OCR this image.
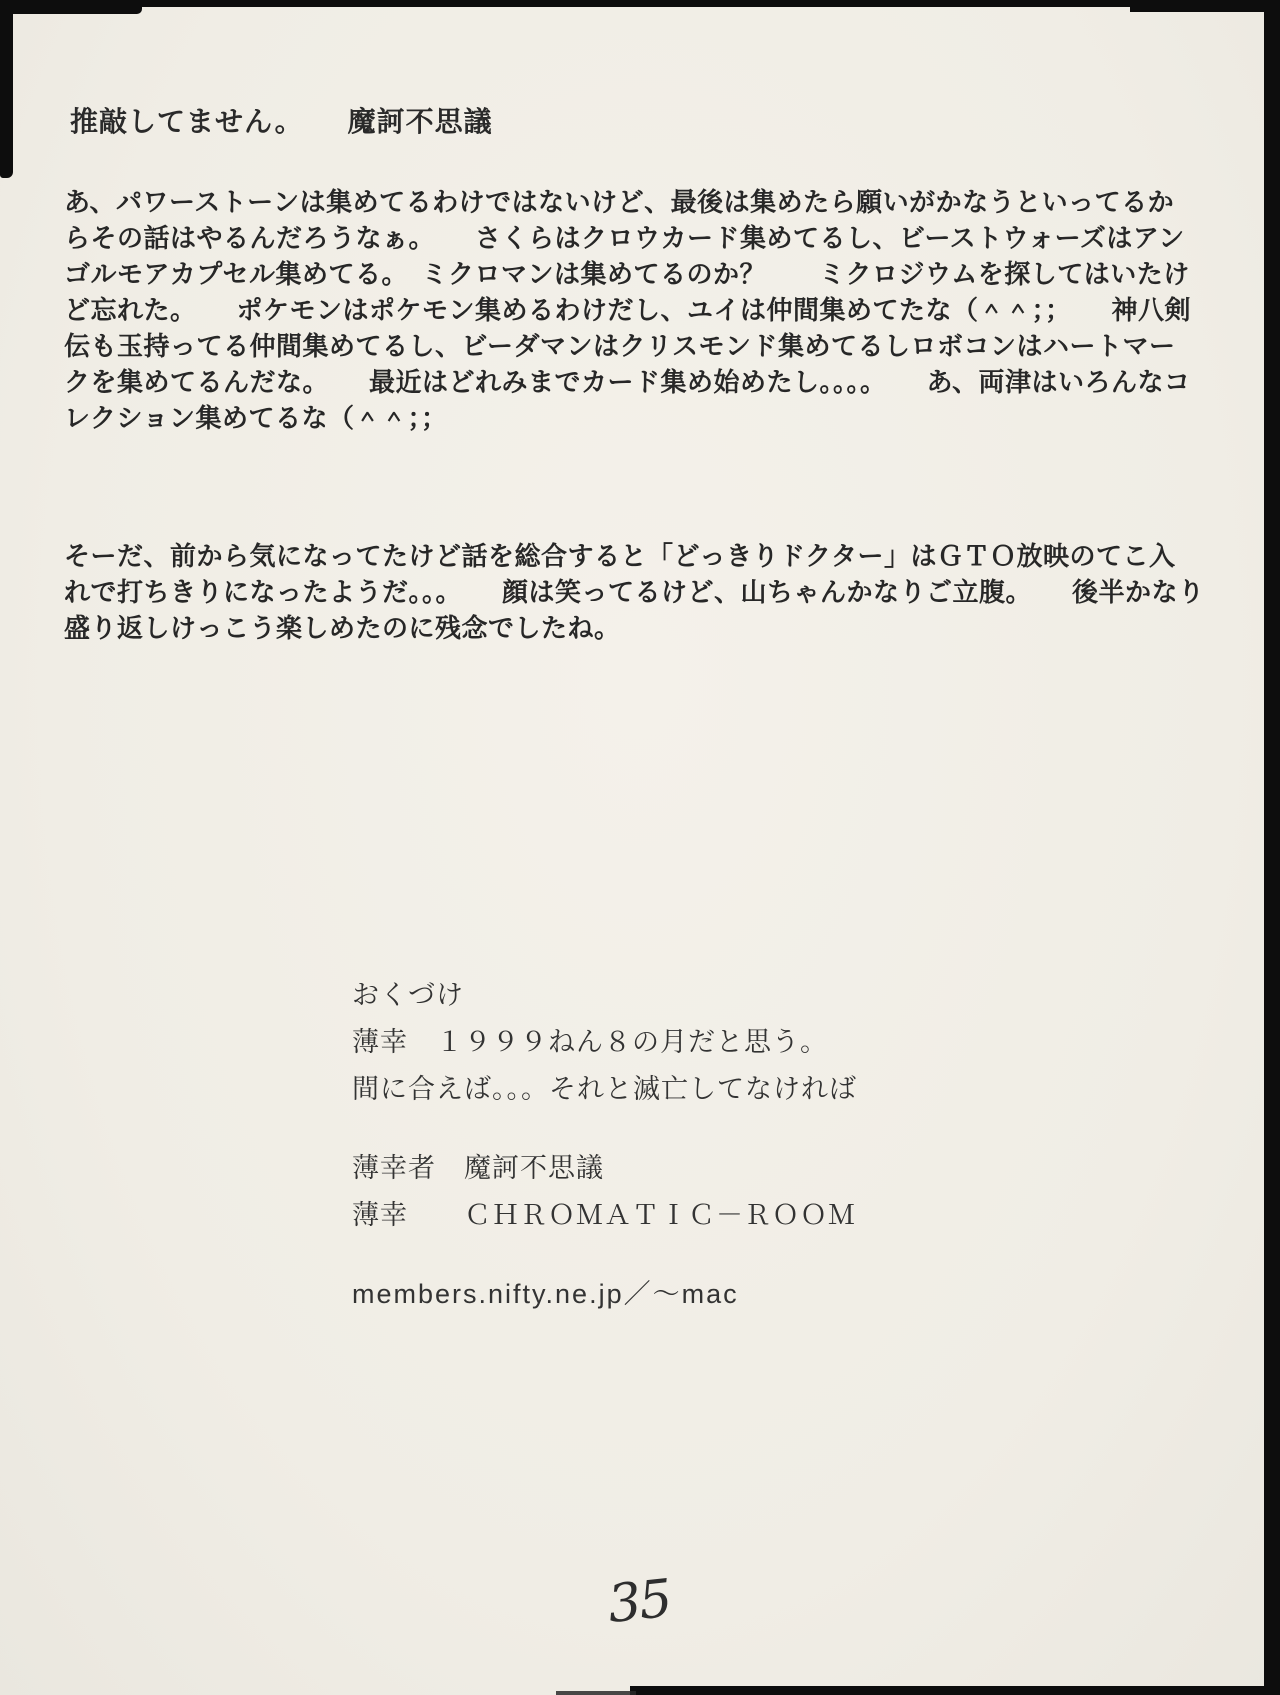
推敲してません。　　魔訶不思議
あ、パワーストーンは集めてるわけではないけど、最後は集めたら願いがかなうといってるか
らその話はやるんだろうなぁ。　　さくらはクロウカード集めてるし、ビーストウォーズはアン
ゴルモアカプセル集めてる。　ミクロマンは集めてるのか？　　ミクロジウムを探してはいたけ
ど忘れた。　　ポケモンはポケモン集めるわけだし、ユイは仲間集めてたな（＾＾；；　　神八剣
伝も玉持ってる仲間集めてるし、ビーダマンはクリスモンド集めてるしロボコンはハートマー
クを集めてるんだな。　　最近はどれみまでカード集め始めたし。。。。　　あ、両津はいろんなコ
レクション集めてるな（＾＾；；
そーだ、前から気になってたけど話を総合すると「どっきりドクター」はＧＴＯ放映のてこ入
れで打ちきりになったようだ。。。　　顔は笑ってるけど、山ちゃんかなりご立腹。　　後半かなり
盛り返しけっこう楽しめたのに残念でしたね。
おくづけ
薄幸　１９９９ねん８の月だと思う。
間に合えば。。。それと滅亡してなければ
薄幸者　魔訶不思議
薄幸　　ＣＨＲＯＭＡＴＩＣ－ＲＯＯＭ
members.nifty.ne.jp／～mac
35
